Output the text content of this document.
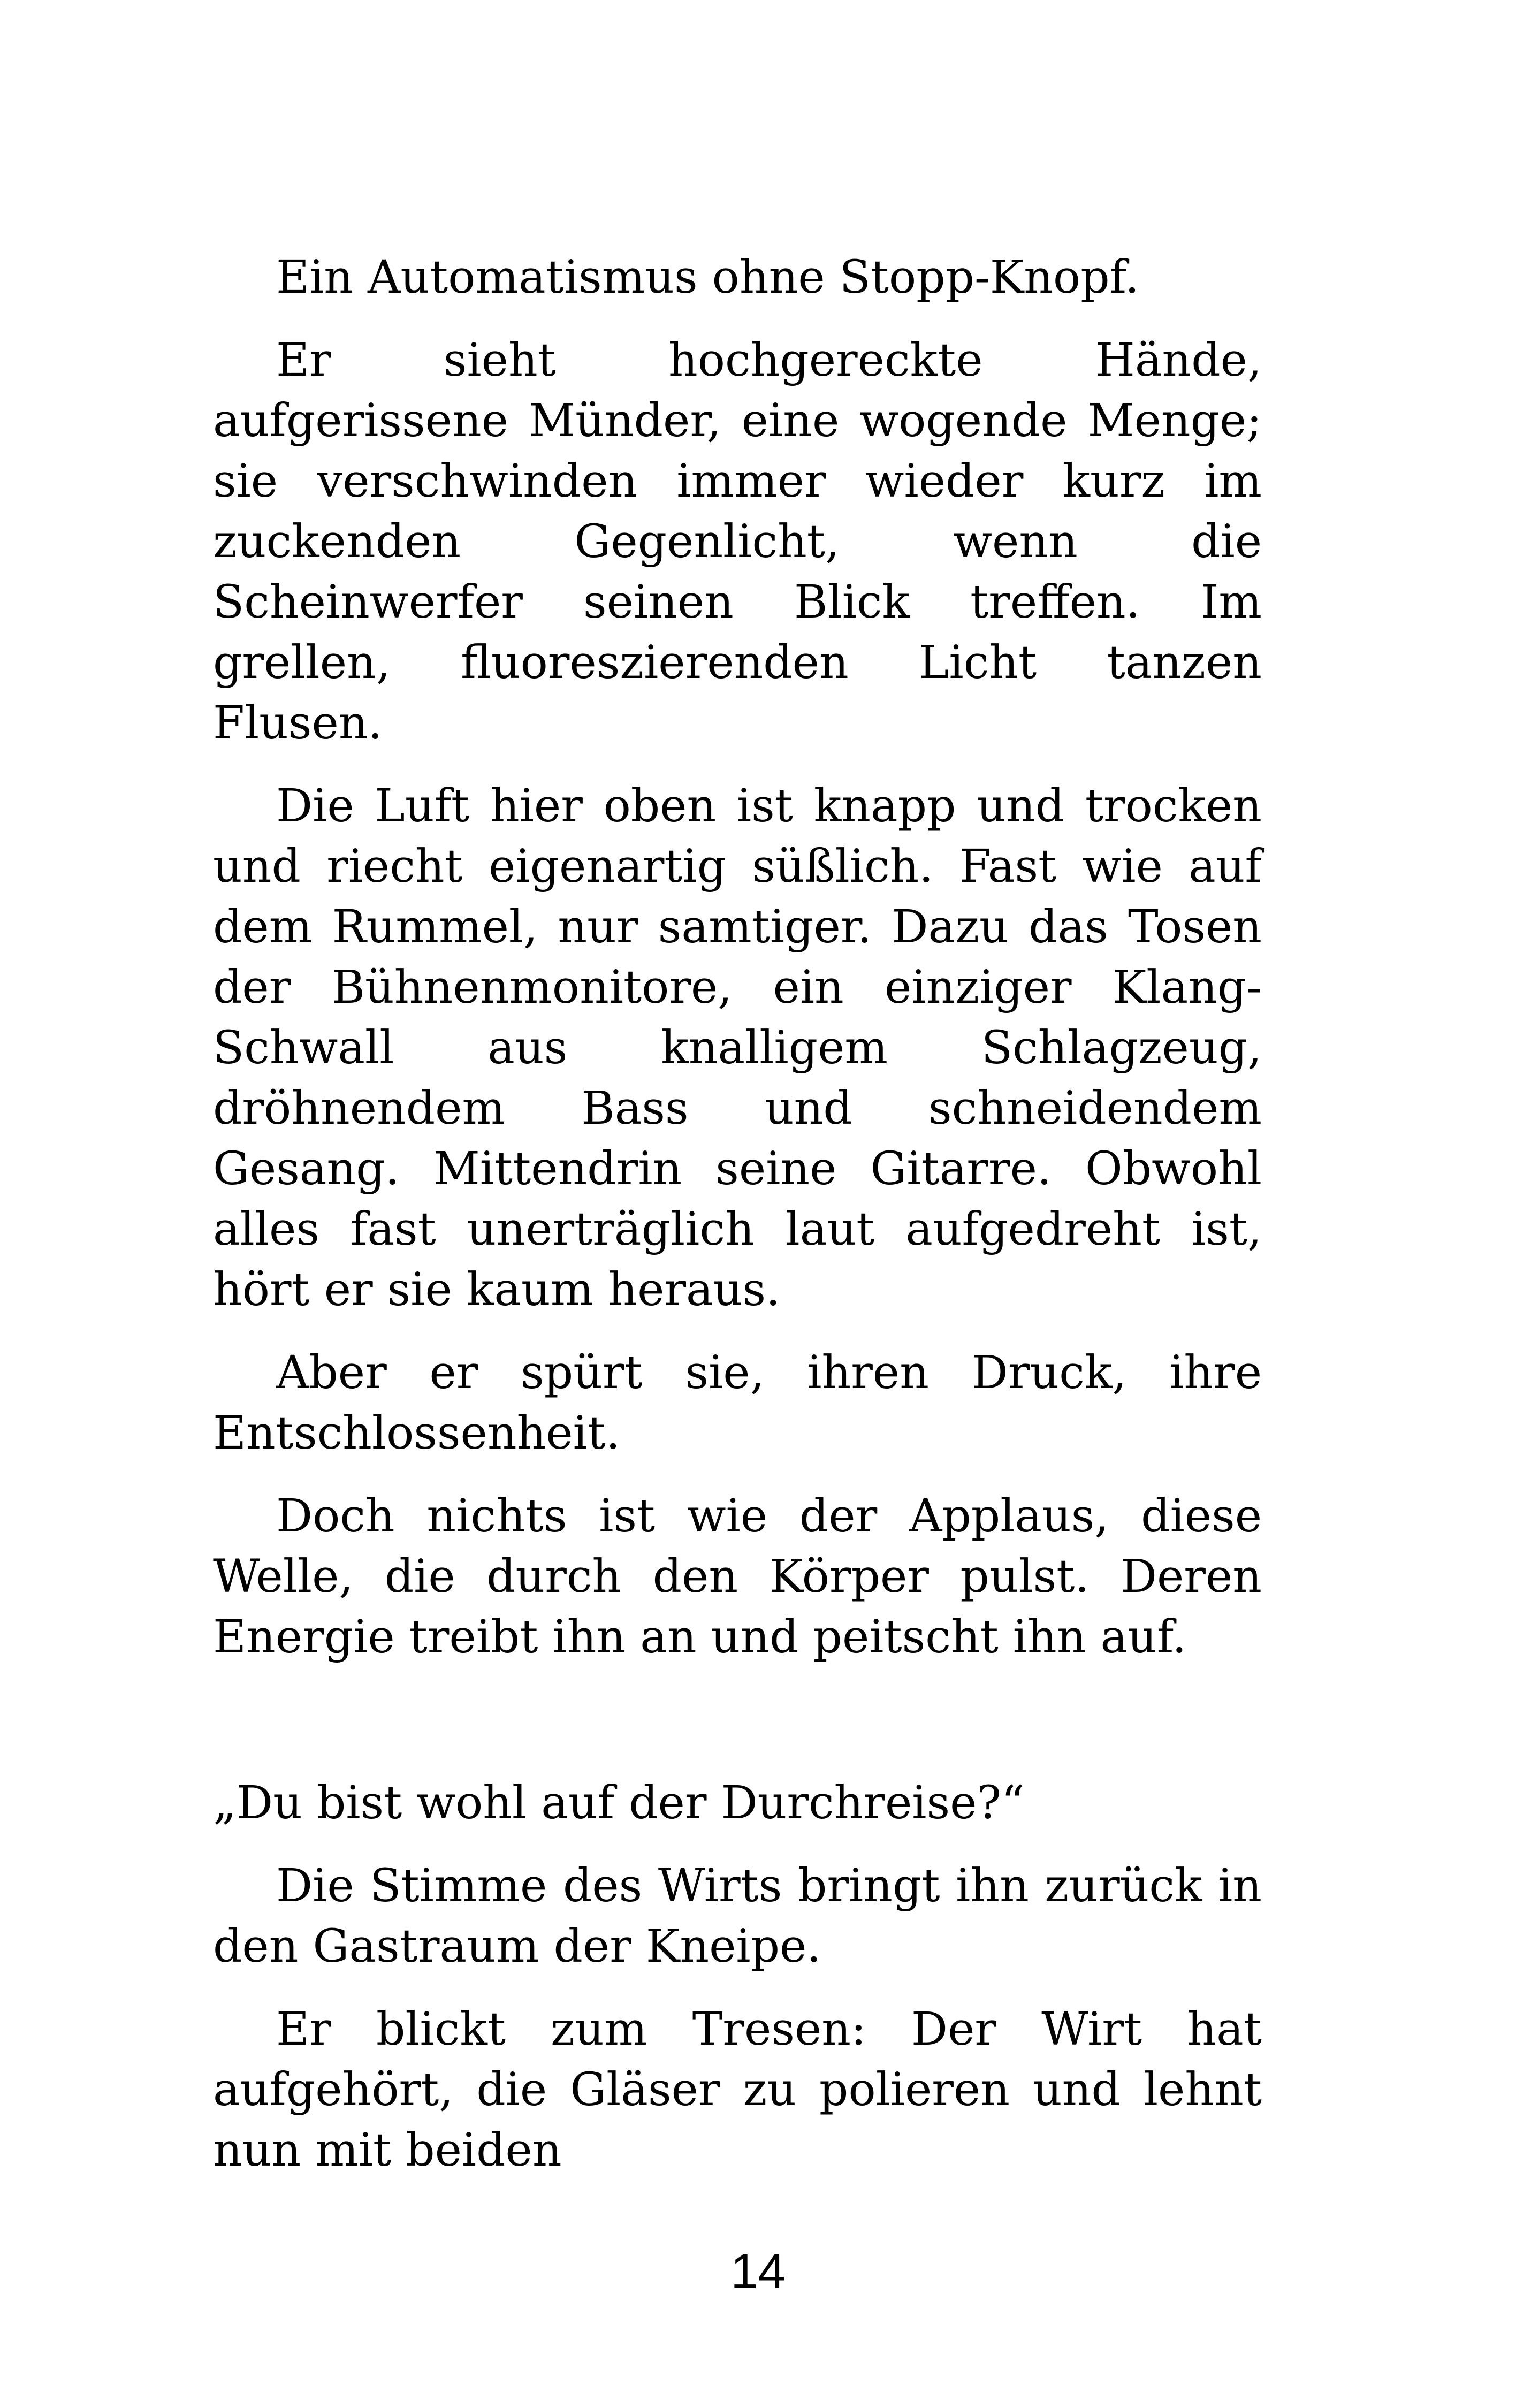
Ein Automatismus ohne Stopp-Knopf.

Er sieht hochgereckte Hände, aufgerissene Münder, eine wogende Menge; sie verschwinden immer wieder kurz im zuckenden Gegenlicht, wenn die Scheinwerfer seinen Blick treffen. Im grellen, fluoreszierenden Licht tanzen Flusen.

Die Luft hier oben ist knapp und trocken und riecht eigenartig süßlich. Fast wie auf dem Rummel, nur samtiger. Dazu das Tosen der Bühnenmonitore, ein einziger Klang-Schwall aus knalligem Schlagzeug, dröhnendem Bass und schneidendem Gesang. Mittendrin seine Gitarre. Obwohl alles fast unerträglich laut aufgedreht ist, hört er sie kaum heraus.

Aber er spürt sie, ihren Druck, ihre Entschlossenheit.

Doch nichts ist wie der Applaus, diese Welle, die durch den Körper pulst. Deren Energie treibt ihn an und peitscht ihn auf.

„Du bist wohl auf der Durchreise?“

Die Stimme des Wirts bringt ihn zurück in den Gastraum der Kneipe.

Er blickt zum Tresen: Der Wirt hat aufgehört, die Gläser zu polieren und lehnt nun mit beiden

14
